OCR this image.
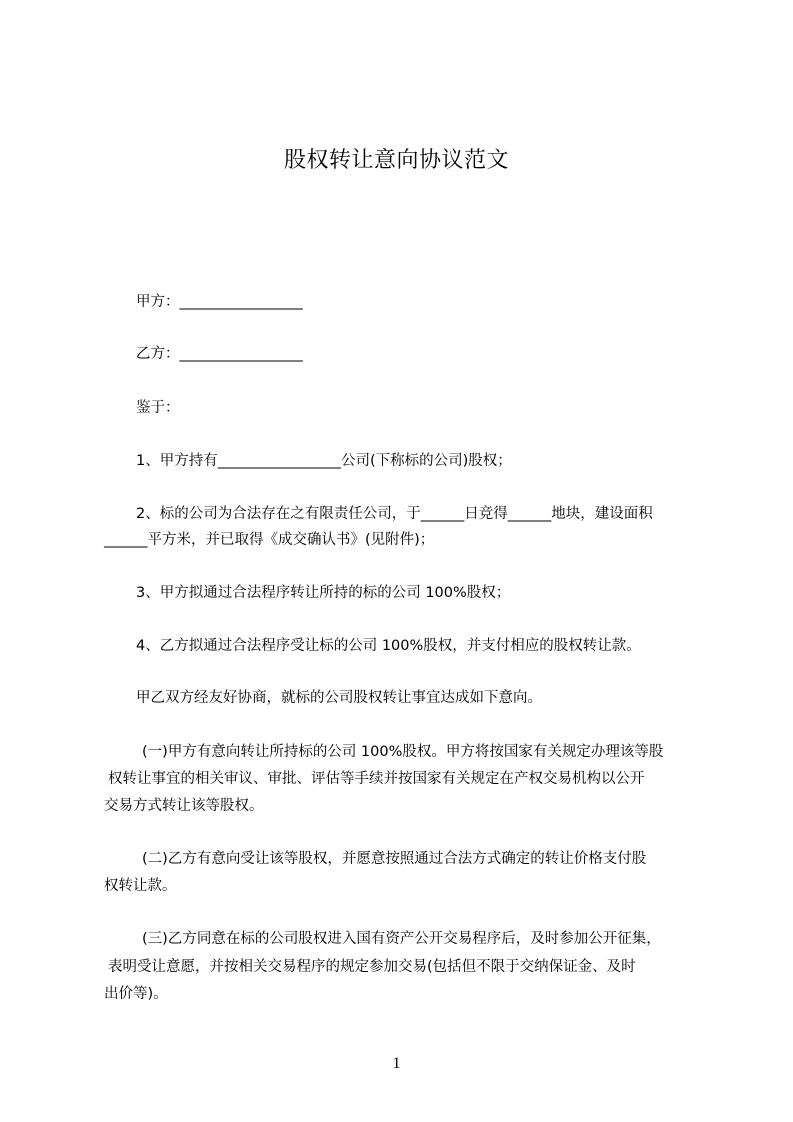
股权转让意向协议范文
甲方：_________________
乙方：_________________
鉴于：
1、甲方持有_________________公司(下称标的公司)股权；
2、标的公司为合法存在之有限责任公司，于______日竞得______地块，建设面积
______平方米，并已取得《成交确认书》(见附件)；
3、甲方拟通过合法程序转让所持的标的公司 100%股权；
4、乙方拟通过合法程序受让标的公司 100%股权，并支付相应的股权转让款。
甲乙双方经友好协商，就标的公司股权转让事宜达成如下意向。
(一)甲方有意向转让所持标的公司 100%股权。甲方将按国家有关规定办理该等股
权转让事宜的相关审议、审批、评估等手续并按国家有关规定在产权交易机构以公开
交易方式转让该等股权。
(二)乙方有意向受让该等股权，并愿意按照通过合法方式确定的转让价格支付股
权转让款。
(三)乙方同意在标的公司股权进入国有资产公开交易程序后，及时参加公开征集，
表明受让意愿，并按相关交易程序的规定参加交易(包括但不限于交纳保证金、及时
出价等)。
1
